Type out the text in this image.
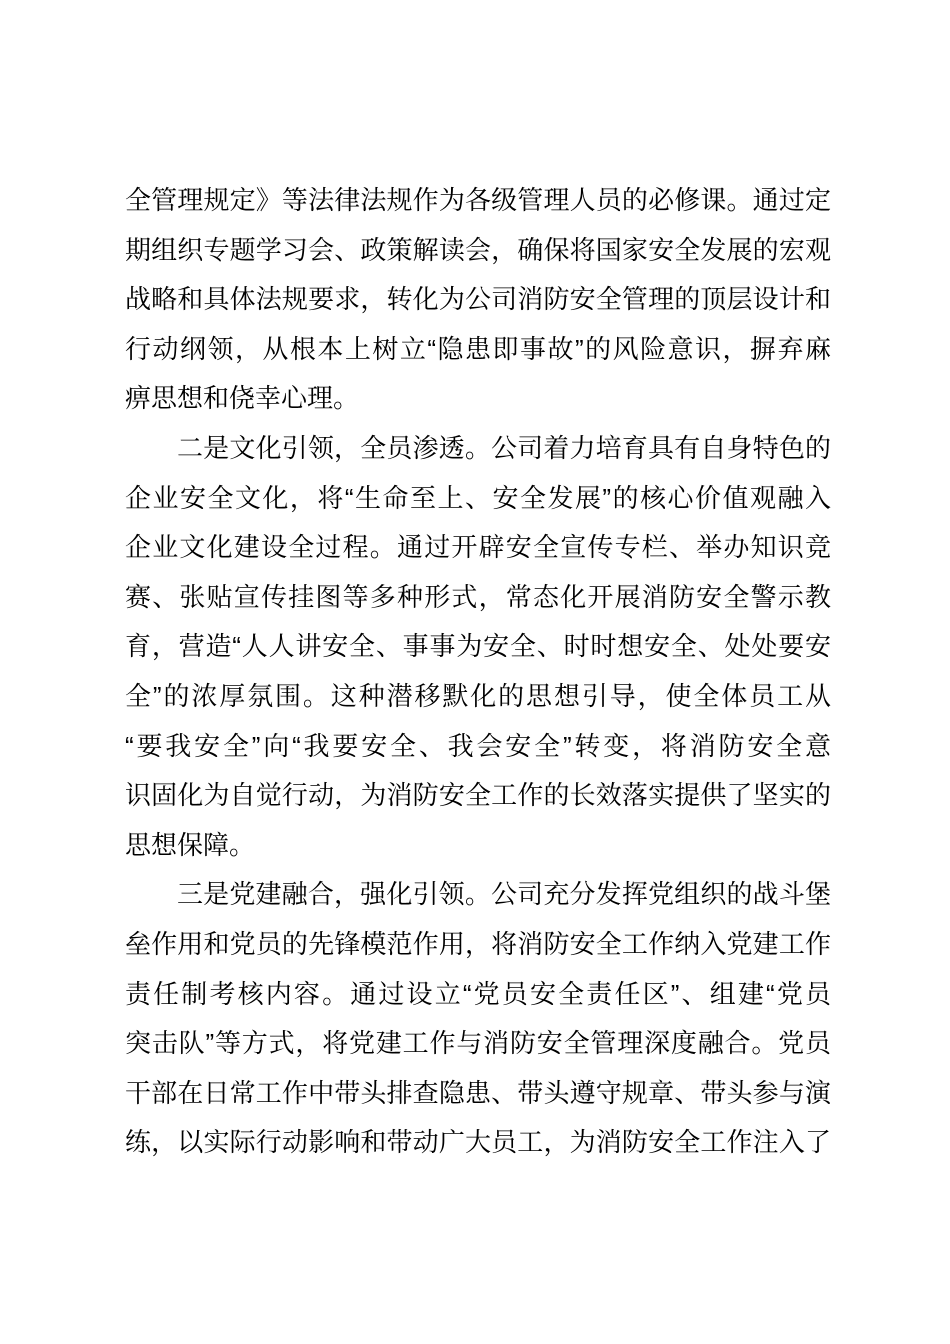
全管理规定》等法律法规作为各级管理人员的必修课。通过定
期组织专题学习会、政策解读会，确保将国家安全发展的宏观
战略和具体法规要求，转化为公司消防安全管理的顶层设计和
行动纲领，从根本上树立“隐患即事故”的风险意识，摒弃麻
痹思想和侥幸心理。
二是文化引领，全员渗透。公司着力培育具有自身特色的
企业安全文化，将“生命至上、安全发展”的核心价值观融入
企业文化建设全过程。通过开辟安全宣传专栏、举办知识竞
赛、张贴宣传挂图等多种形式，常态化开展消防安全警示教
育，营造“人人讲安全、事事为安全、时时想安全、处处要安
全”的浓厚氛围。这种潜移默化的思想引导，使全体员工从
“要我安全”向“我要安全、我会安全”转变，将消防安全意
识固化为自觉行动，为消防安全工作的长效落实提供了坚实的
思想保障。
三是党建融合，强化引领。公司充分发挥党组织的战斗堡
垒作用和党员的先锋模范作用，将消防安全工作纳入党建工作
责任制考核内容。通过设立“党员安全责任区”、组建“党员
突击队”等方式，将党建工作与消防安全管理深度融合。党员
干部在日常工作中带头排查隐患、带头遵守规章、带头参与演
练，以实际行动影响和带动广大员工，为消防安全工作注入了
